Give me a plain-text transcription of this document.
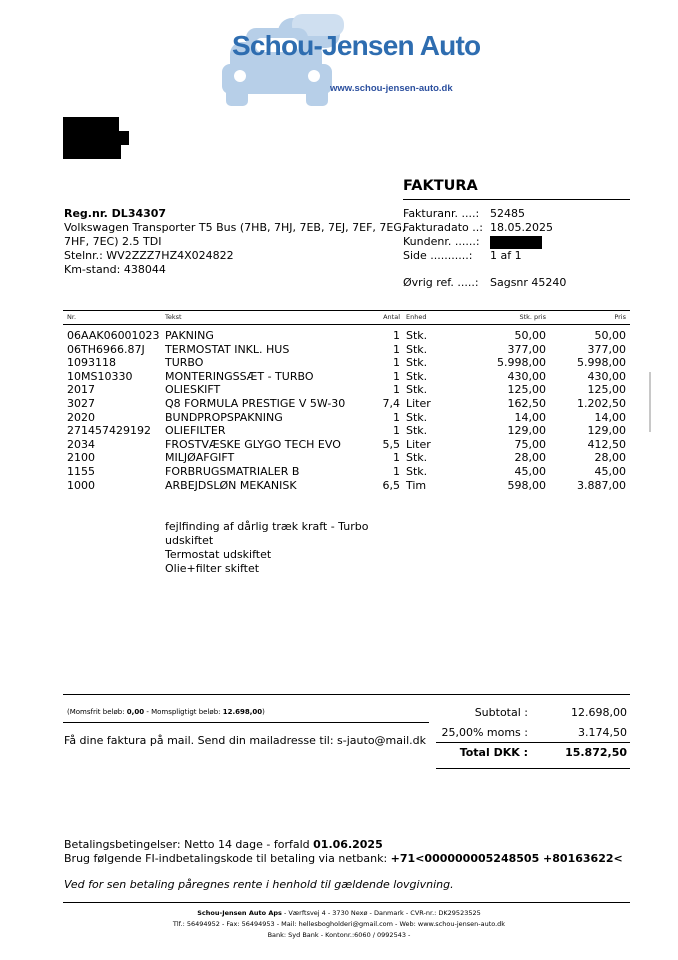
Schou-Jensen Auto
www.schou-jensen-auto.dk
FAKTURA
Reg.nr. DL34307
Volkswagen Transporter T5 Bus (7HB, 7HJ, 7EB, 7EJ, 7EF, 7EG,
7HF, 7EC) 2.5 TDI
Stelnr.: WV2ZZZ7HZ4X024822
Km-stand: 438044
Fakturanr. ....: 52485
Fakturadato ..: 18.05.2025
Kundenr. ......:
Side ...........: 1 af 1
Øvrig ref. .....: Sagsnr 45240
Nr.	Tekst	Antal Enhed	Stk. pris	Pris
06AAK06001023 PAKNING	1 Stk.	50,00	50,00
06TH6966.87J TERMOSTAT INKL. HUS	1 Stk.	377,00	377,00
1093118	TURBO	1 Stk.	5.998,00	5.998,00
10MS10330	MONTERINGSSÆT - TURBO	1 Stk.	430,00	430,00
2017	OLIESKIFT	1 Stk.	125,00	125,00
3027	Q8 FORMULA PRESTIGE V 5W-30	7,4 Liter	162,50	1.202,50
2020	BUNDPROPSPAKNING	1 Stk.	14,00	14,00
271457429192 OLIEFILTER	1 Stk.	129,00	129,00
2034	FROSTVÆSKE GLYGO TECH EVO	5,5 Liter	75,00	412,50
2100	MILJØAFGIFT	1 Stk.	28,00	28,00
1155	FORBRUGSMATRIALER B	1 Stk.	45,00	45,00
1000	ARBEJDSLØN MEKANISK	6,5 Tim	598,00	3.887,00
fejlfinding af dårlig træk kraft - Turbo
udskiftet
Termostat udskiftet
Olie+filter skiftet
(Momsfrit beløb: 0,00 - Momspligtigt beløb: 12.698,00)	Subtotal :	12.698,00
25,00% moms :	3.174,50
Total DKK :	15.872,50
Få dine faktura på mail. Send din mailadresse til: s-jauto@mail.dk
Betalingsbetingelser: Netto 14 dage - forfald 01.06.2025
Brug følgende FI-indbetalingskode til betaling via netbank: +71<000000005248505 +80163622<
Ved for sen betaling påregnes rente i henhold til gældende lovgivning.
Schou-Jensen Auto Aps - Værftsvej 4 - 3730 Nexø - Danmark - CVR-nr.: DK29523525
Tlf.: 56494952 - Fax: 56494953 - Mail: hellesbogholderi@gmail.com - Web: www.schou-jensen-auto.dk
Bank: Syd Bank - Kontonr.:6060 / 0992543 -
